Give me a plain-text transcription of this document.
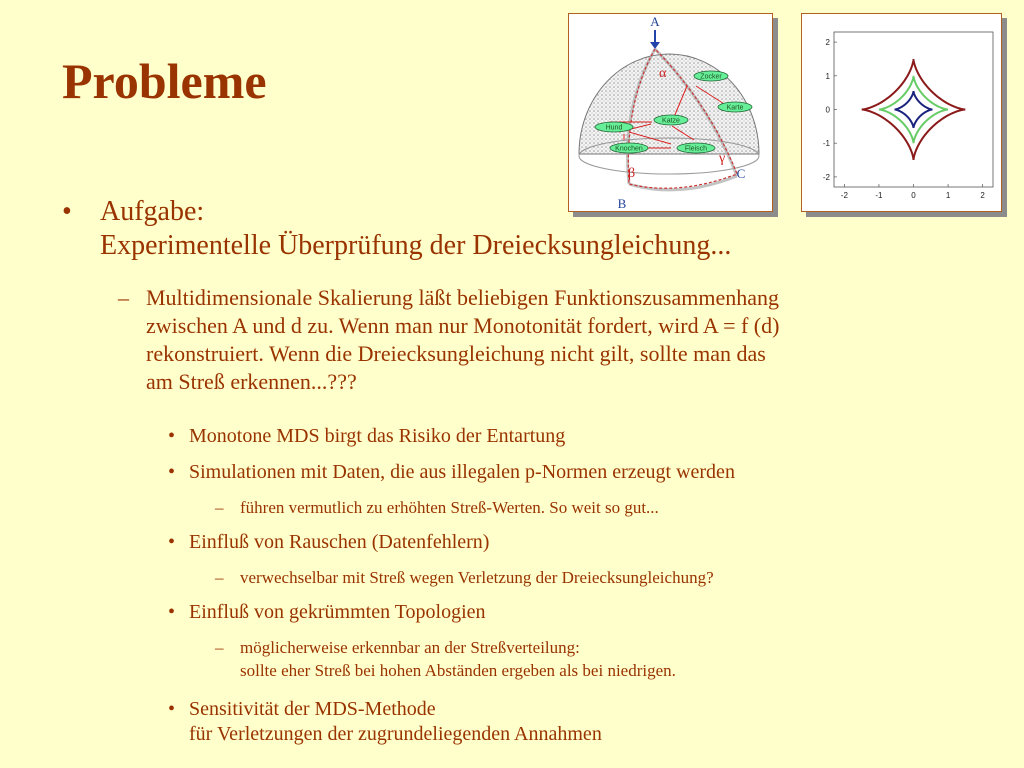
Probleme
A
B
C
α
β
γ
Zocker
Karte
Katze
Hund
Knochen	Fleisch
-2	-1	0	1	2
2
1
0
-1
-2
• Aufgabe:
Experimentelle Überprüfung der Dreiecksungleichung...
– Multidimensionale Skalierung läßt beliebigen Funktionszusammenhang
zwischen A und d zu. Wenn man nur Monotonität fordert, wird A = f (d)
rekonstruiert. Wenn die Dreiecksungleichung nicht gilt, sollte man das
am Streß erkennen...???
• Monotone MDS birgt das Risiko der Entartung
• Simulationen mit Daten, die aus illegalen p-Normen erzeugt werden
– führen vermutlich zu erhöhten Streß-Werten. So weit so gut...
• Einfluß von Rauschen (Datenfehlern)
– verwechselbar mit Streß wegen Verletzung der Dreiecksungleichung?
• Einfluß von gekrümmten Topologien
– möglicherweise erkennbar an der Streßverteilung:
sollte eher Streß bei hohen Abständen ergeben als bei niedrigen.
• Sensitivität der MDS-Methode
für Verletzungen der zugrundeliegenden Annahmen
